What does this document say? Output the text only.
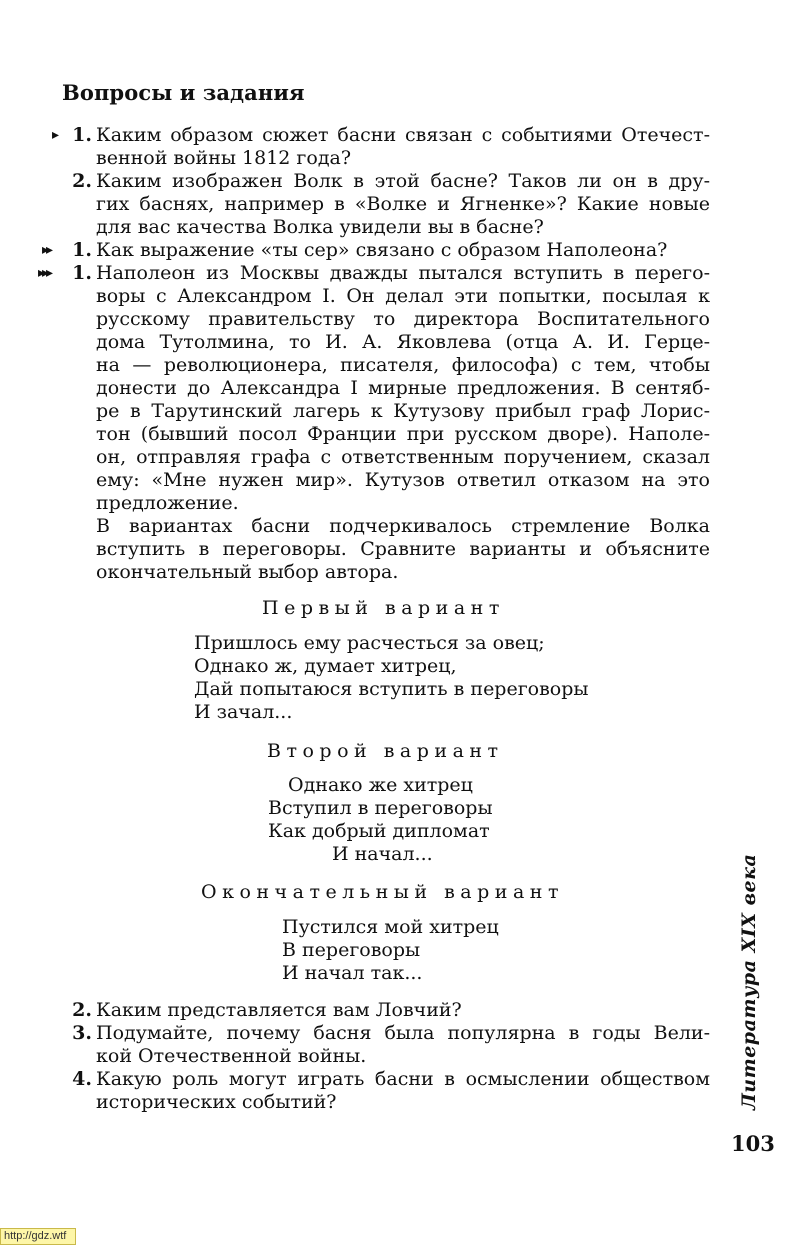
Вопросы и задания
▸ 1. Каким образом сюжет басни связан с событиями Отечест-
венной войны 1812 года?
2. Каким изображен Волк в этой басне? Таков ли он в дру-
гих баснях, например в «Волке и Ягненке»? Какие новые
для вас качества Волка увидели вы в басне?
▸▸	1. Как выражение «ты сер» связано с образом Наполеона?
▸▸▸	1. Наполеон из Москвы дважды пытался вступить в перего-
воры с Александром I. Он делал эти попытки, посылая к
русскому правительству то директора Воспитательного
дома Тутолмина, то И. А. Яковлева (отца А. И. Герце-
на — революционера, писателя, философа) с тем, чтобы
донести до Александра I мирные предложения. В сентяб-
ре в Тарутинский лагерь к Кутузову прибыл граф Лорис-
тон (бывший посол Франции при русском дворе). Наполе-
он, отправляя графа с ответственным поручением, сказал
ему: «Мне нужен мир». Кутузов ответил отказом на это
предложение.
В вариантах басни подчеркивалось стремление Волка
вступить в переговоры. Сравните варианты и объясните
окончательный выбор автора.
Первый вариант
Пришлось ему расчесться за овец;
Однако ж, думает хитрец,
Дай попытаюся вступить в переговоры
И зачал...
Второй вариант
Однако же хитрец
Вступил в переговоры
Как добрый дипломат
И начал...
Окончательный вариант
Пустился мой хитрец
В переговоры
И начал так...
2. Каким представляется вам Ловчий?
3. Подумайте, почему басня была популярна в годы Вели-
кой Отечественной войны.
4. Какую роль могут играть басни в осмыслении обществом
исторических событий?	Литература XIX века
103
http://gdz.wtf
